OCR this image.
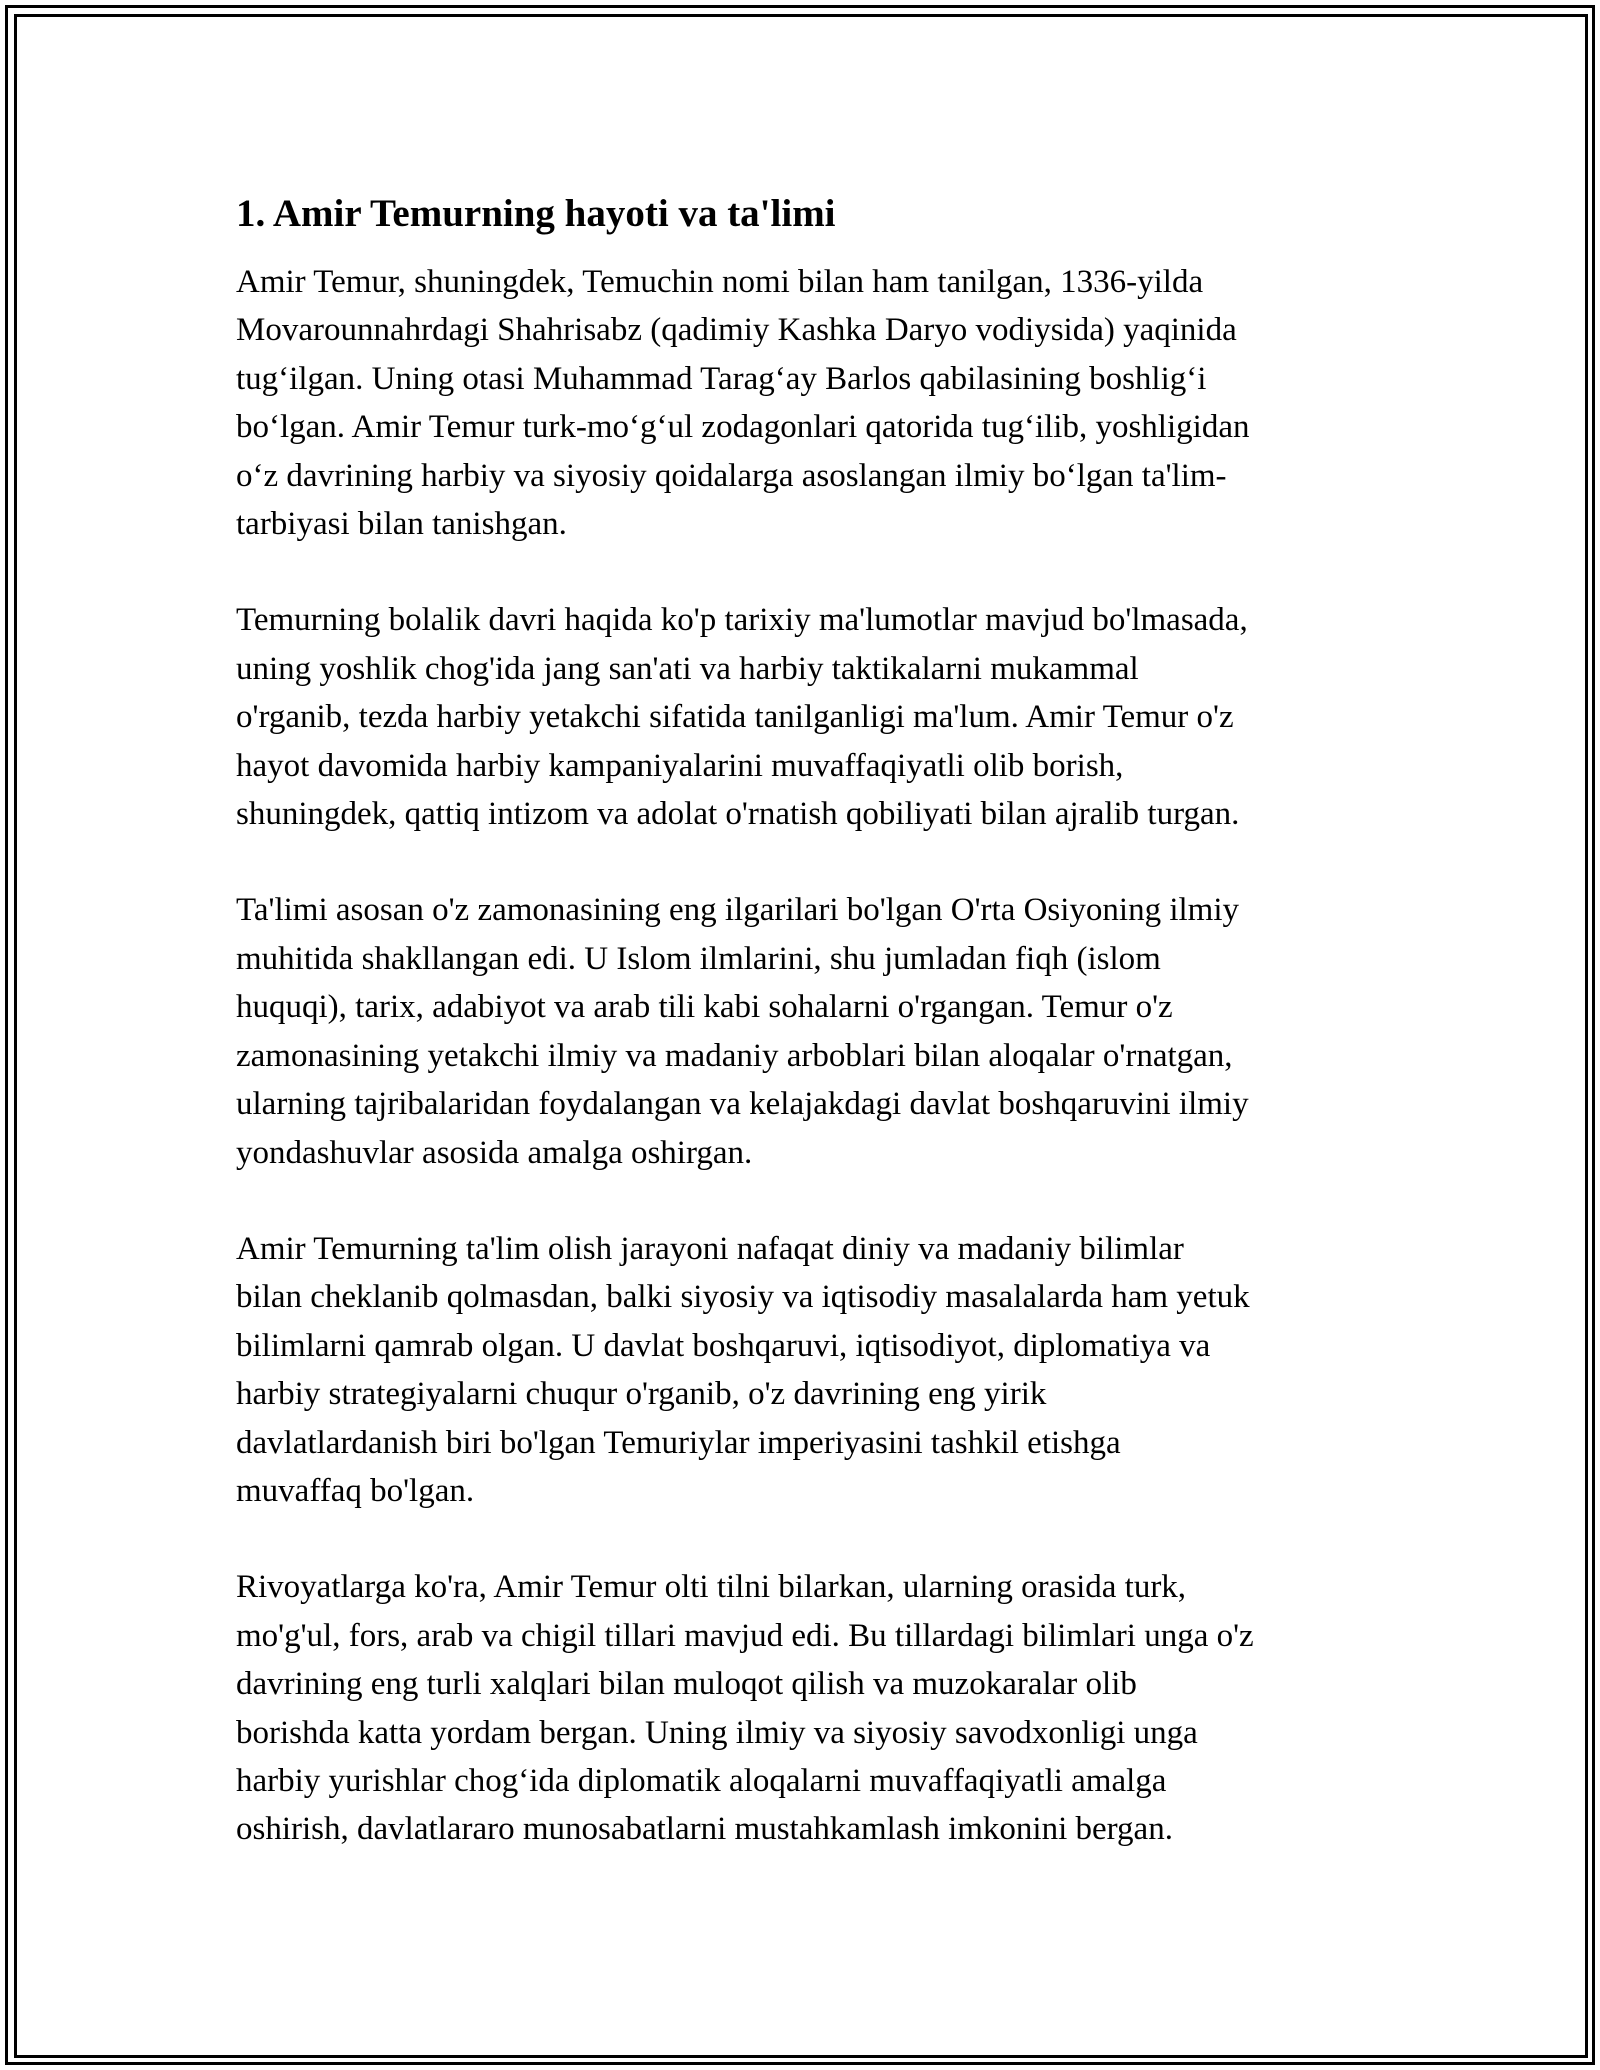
1. Amir Temurning hayoti va ta'limi

Amir Temur, shuningdek, Temuchin nomi bilan ham tanilgan, 1336-yilda
Movarounnahrdagi Shahrisabz (qadimiy Kashka Daryo vodiysida) yaqinida
tug‘ilgan. Uning otasi Muhammad Tarag‘ay Barlos qabilasining boshlig‘i
bo‘lgan. Amir Temur turk-mo‘g‘ul zodagonlari qatorida tug‘ilib, yoshligidan
o‘z davrining harbiy va siyosiy qoidalarga asoslangan ilmiy bo‘lgan ta'lim-
tarbiyasi bilan tanishgan.

Temurning bolalik davri haqida ko'p tarixiy ma'lumotlar mavjud bo'lmasada,
uning yoshlik chog'ida jang san'ati va harbiy taktikalarni mukammal
o'rganib, tezda harbiy yetakchi sifatida tanilganligi ma'lum. Amir Temur o'z
hayot davomida harbiy kampaniyalarini muvaffaqiyatli olib borish,
shuningdek, qattiq intizom va adolat o'rnatish qobiliyati bilan ajralib turgan.

Ta'limi asosan o'z zamonasining eng ilgarilari bo'lgan O'rta Osiyoning ilmiy
muhitida shakllangan edi. U Islom ilmlarini, shu jumladan fiqh (islom
huquqi), tarix, adabiyot va arab tili kabi sohalarni o'rgangan. Temur o'z
zamonasining yetakchi ilmiy va madaniy arboblari bilan aloqalar o'rnatgan,
ularning tajribalaridan foydalangan va kelajakdagi davlat boshqaruvini ilmiy
yondashuvlar asosida amalga oshirgan.

Amir Temurning ta'lim olish jarayoni nafaqat diniy va madaniy bilimlar
bilan cheklanib qolmasdan, balki siyosiy va iqtisodiy masalalarda ham yetuk
bilimlarni qamrab olgan. U davlat boshqaruvi, iqtisodiyot, diplomatiya va
harbiy strategiyalarni chuqur o'rganib, o'z davrining eng yirik
davlatlardanish biri bo'lgan Temuriylar imperiyasini tashkil etishga
muvaffaq bo'lgan.

Rivoyatlarga ko'ra, Amir Temur olti tilni bilarkan, ularning orasida turk,
mo'g'ul, fors, arab va chigil tillari mavjud edi. Bu tillardagi bilimlari unga o'z
davrining eng turli xalqlari bilan muloqot qilish va muzokaralar olib
borishda katta yordam bergan. Uning ilmiy va siyosiy savodxonligi unga
harbiy yurishlar chog‘ida diplomatik aloqalarni muvaffaqiyatli amalga
oshirish, davlatlararo munosabatlarni mustahkamlash imkonini bergan.
